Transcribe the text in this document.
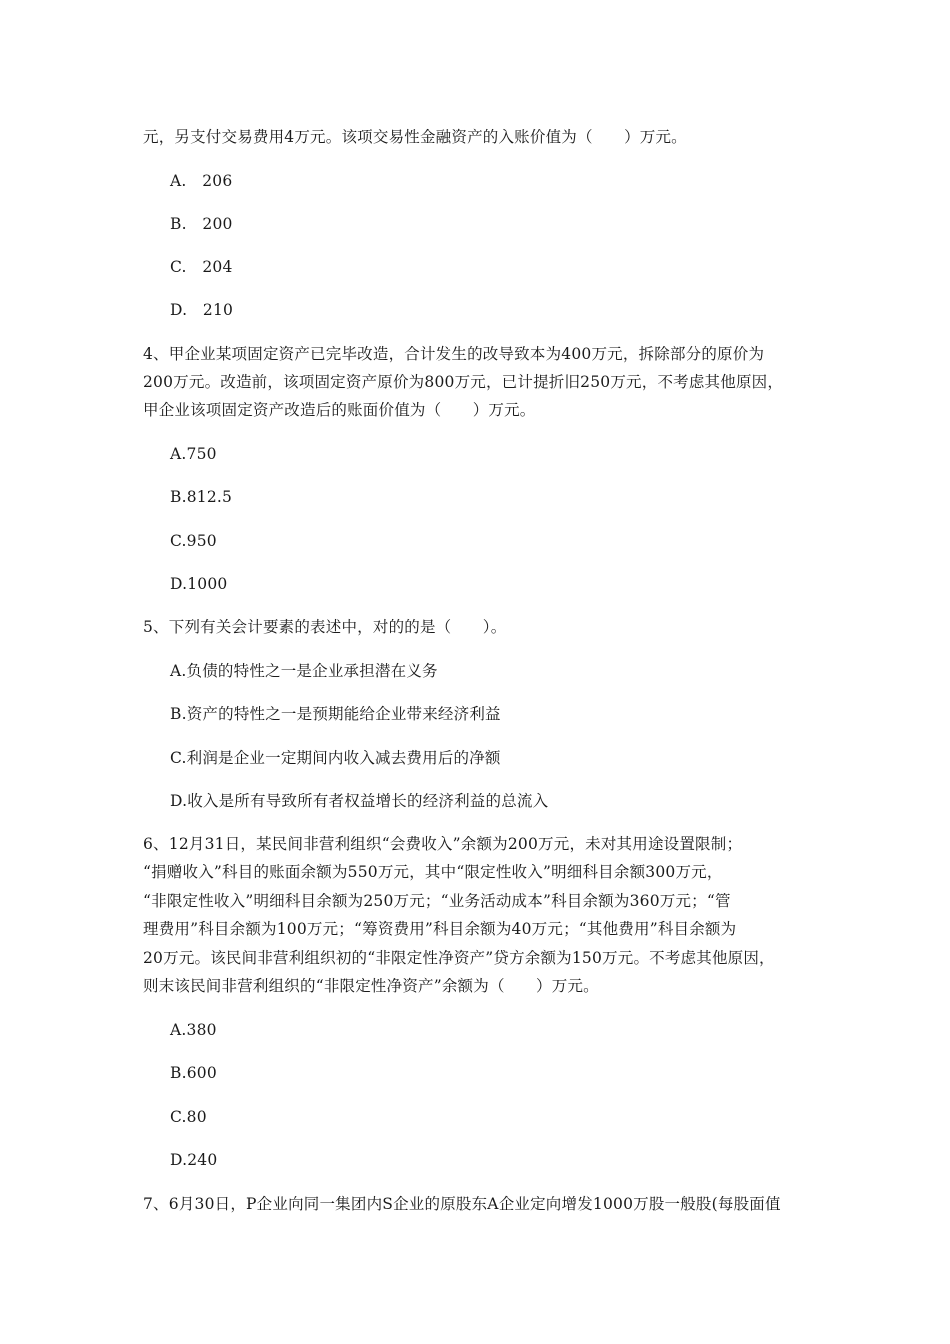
元，另支付交易费用4万元。该项交易性金融资产的入账价值为（　　）万元。
A.　206
B.　200
C.　204
D.　210
4、甲企业某项固定资产已完毕改造，合计发生的改导致本为400万元，拆除部分的原价为
200万元。改造前，该项固定资产原价为800万元，已计提折旧250万元，不考虑其他原因，
甲企业该项固定资产改造后的账面价值为（　　）万元。
A.750
B.812.5
C.950
D.1000
5、下列有关会计要素的表述中，对的的是（　　）。
A.负债的特性之一是企业承担潜在义务
B.资产的特性之一是预期能给企业带来经济利益
C.利润是企业一定期间内收入减去费用后的净额
D.收入是所有导致所有者权益增长的经济利益的总流入
6、12月31日，某民间非营利组织“会费收入”余额为200万元，未对其用途设置限制；
“捐赠收入”科目的账面余额为550万元，其中“限定性收入”明细科目余额300万元，
“非限定性收入”明细科目余额为250万元；“业务活动成本”科目余额为360万元；“管
理费用”科目余额为100万元；“筹资费用”科目余额为40万元；“其他费用”科目余额为
20万元。该民间非营利组织初的“非限定性净资产”贷方余额为150万元。不考虑其他原因，
则末该民间非营利组织的“非限定性净资产”余额为（　　）万元。
A.380
B.600
C.80
D.240
7、6月30日，P企业向同一集团内S企业的原股东A企业定向增发1000万股一般股(每股面值
